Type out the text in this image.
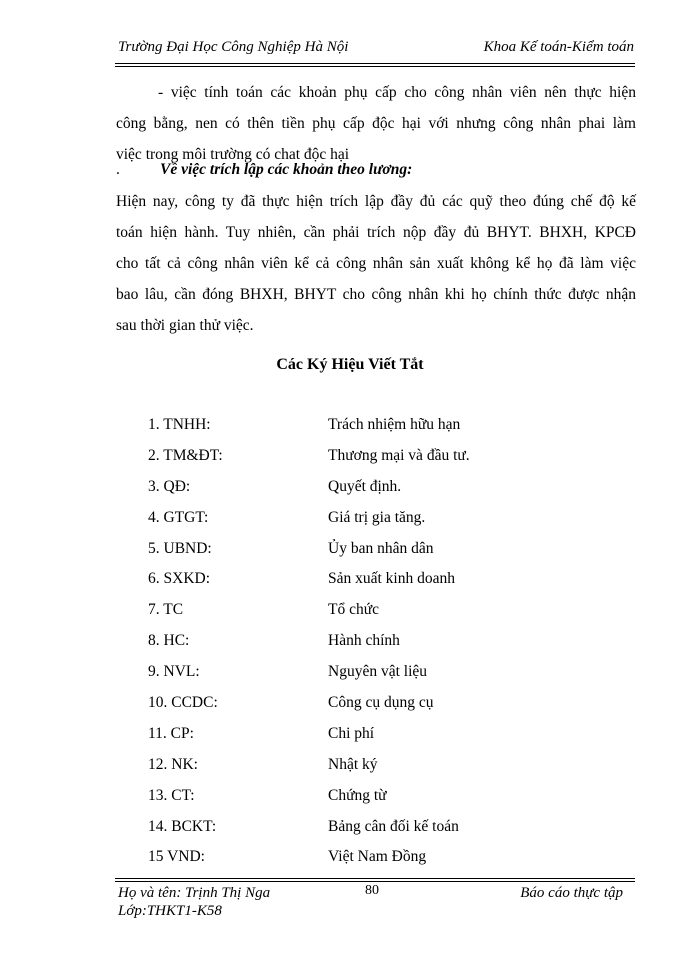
Trường Đại Học Công Nghiệp Hà Nội	Khoa Kế toán-Kiểm toán
- việc tính toán các khoản phụ cấp cho công nhân viên nên thực hiện
công bằng, nen có thên tiền phụ cấp độc hại với nhưng công nhân phai làm
việc trong môi trường có chat độc hại
.	Về việc trích lập các khoản theo lương:
Hiện nay, công ty đã thực hiện trích lập đầy đủ các quỹ theo đúng chế độ kế
toán hiện hành. Tuy nhiên, cần phải trích nộp đầy đủ BHYT. BHXH, KPCĐ
cho tất cả công nhân viên kể cả công nhân sản xuất không kể họ đã làm việc
bao lâu, cần đóng BHXH, BHYT cho công nhân khi họ chính thức được nhận
sau thời gian thử việc.
Các Ký Hiệu Viết Tắt
1. TNHH:	Trách nhiệm hữu hạn
2. TM&ĐT:	Thương mại và đầu tư.
3. QĐ:	Quyết định.
4. GTGT:	Giá trị gia tăng.
5. UBND:	Ủy ban nhân dân
6. SXKD:	Sản xuất kinh doanh
7. TC	Tổ chức
8. HC:	Hành chính
9. NVL:	Nguyên vật liệu
10. CCDC:	Công cụ dụng cụ
11. CP:	Chi phí
12. NK:	Nhật ký
13. CT:	Chứng từ
14. BCKT:	Bảng cân đối kế toán
15 VND:	Việt Nam Đồng
Họ và tên: Trịnh Thị Nga
Lớp:THKT1-K58
80	Báo cáo thực tập
